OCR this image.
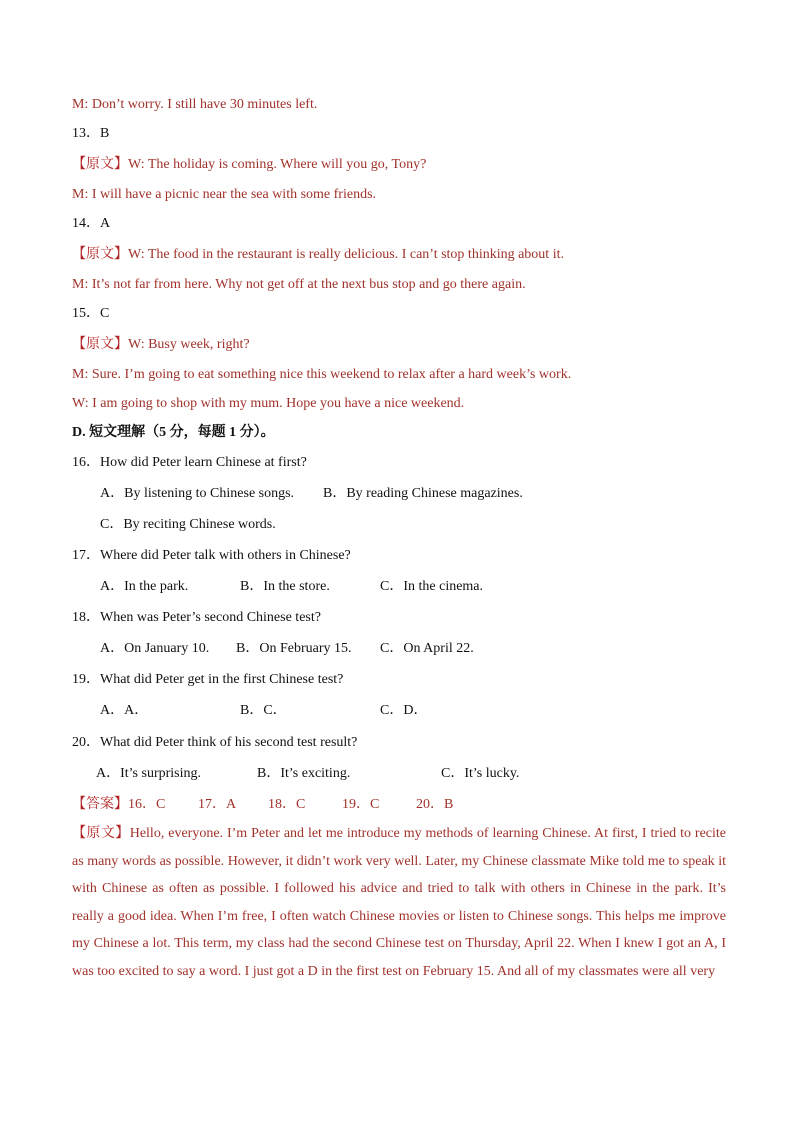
M: Don’t worry. I still have 30 minutes left.
13．B
【原文】W: The holiday is coming. Where will you go, Tony?
M: I will have a picnic near the sea with some friends.
14．A
【原文】W: The food in the restaurant is really delicious. I can’t stop thinking about it.
M: It’s not far from here. Why not get off at the next bus stop and go there again.
15．C
【原文】W: Busy week, right?
M: Sure. I’m going to eat something nice this weekend to relax after a hard week’s work.
W: I am going to shop with my mum. Hope you have a nice weekend.
D. 短文理解（5 分，每题 1 分）。
16．How did Peter learn Chinese at first?
A．By listening to Chinese songs. B．By reading Chinese magazines.
C．By reciting Chinese words.
17．Where did Peter talk with others in Chinese?
A．In the park.	B．In the store.	C．In the cinema.
18．When was Peter’s second Chinese test?
A．On January 10. B．On February 15. C．On April 22.
19．What did Peter get in the first Chinese test?
A．A．	B．C．	C．D．
20．What did Peter think of his second test result?
A．It’s surprising.	B．It’s exciting.	C．It’s lucky.
【答案】16．C 17．A 18．C	19．C	20．B
【原文】Hello, everyone. I’m Peter and let me introduce my methods of learning Chinese. At first, I tried to recite as many words as possible. However, it didn’t work very well. Later, my Chinese classmate Mike told me to speak it with Chinese as often as possible. I followed his advice and tried to talk with others in Chinese in the park. It’s really a good idea. When I’m free, I often watch Chinese movies or listen to Chinese songs. This helps me improve my Chinese a lot. This term, my class had the second Chinese test on Thursday, April 22. When I knew I got an A, I was too excited to say a word. I just got a D in the first test on February 15. And all of my classmates were all very
